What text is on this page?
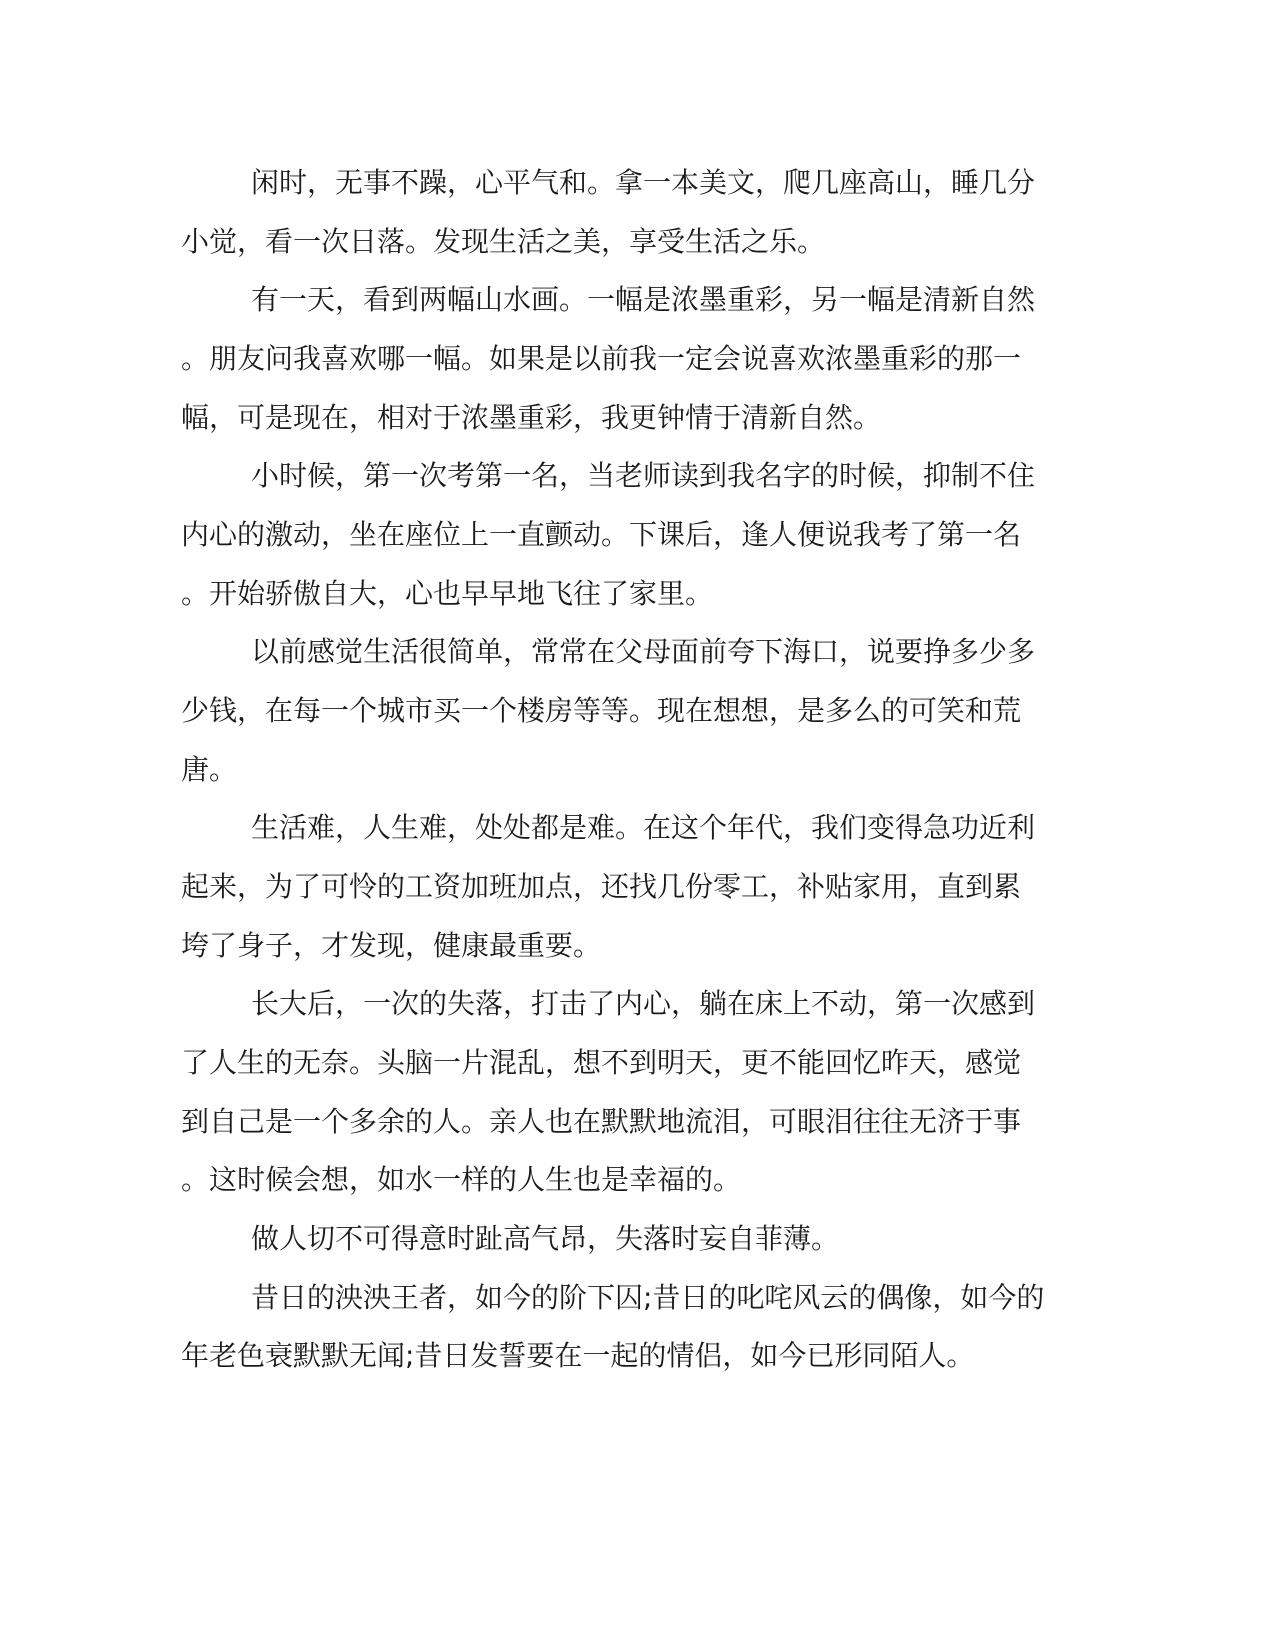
闲时，无事不躁，心平气和。拿一本美文，爬几座高山，睡几分

小觉，看一次日落。发现生活之美，享受生活之乐。

有一天，看到两幅山水画。一幅是浓墨重彩，另一幅是清新自然

。朋友问我喜欢哪一幅。如果是以前我一定会说喜欢浓墨重彩的那一

幅，可是现在，相对于浓墨重彩，我更钟情于清新自然。

小时候，第一次考第一名，当老师读到我名字的时候，抑制不住

内心的激动，坐在座位上一直颤动。下课后，逢人便说我考了第一名

。开始骄傲自大，心也早早地飞往了家里。

以前感觉生活很简单，常常在父母面前夸下海口，说要挣多少多

少钱，在每一个城市买一个楼房等等。现在想想，是多么的可笑和荒

唐。

生活难，人生难，处处都是难。在这个年代，我们变得急功近利

起来，为了可怜的工资加班加点，还找几份零工，补贴家用，直到累

垮了身子，才发现，健康最重要。

长大后，一次的失落，打击了内心，躺在床上不动，第一次感到

了人生的无奈。头脑一片混乱，想不到明天，更不能回忆昨天，感觉

到自己是一个多余的人。亲人也在默默地流泪，可眼泪往往无济于事

。这时候会想，如水一样的人生也是幸福的。

做人切不可得意时趾高气昂，失落时妄自菲薄。

昔日的泱泱王者，如今的阶下囚;昔日的叱咤风云的偶像，如今的

年老色衰默默无闻;昔日发誓要在一起的情侣，如今已形同陌人。
